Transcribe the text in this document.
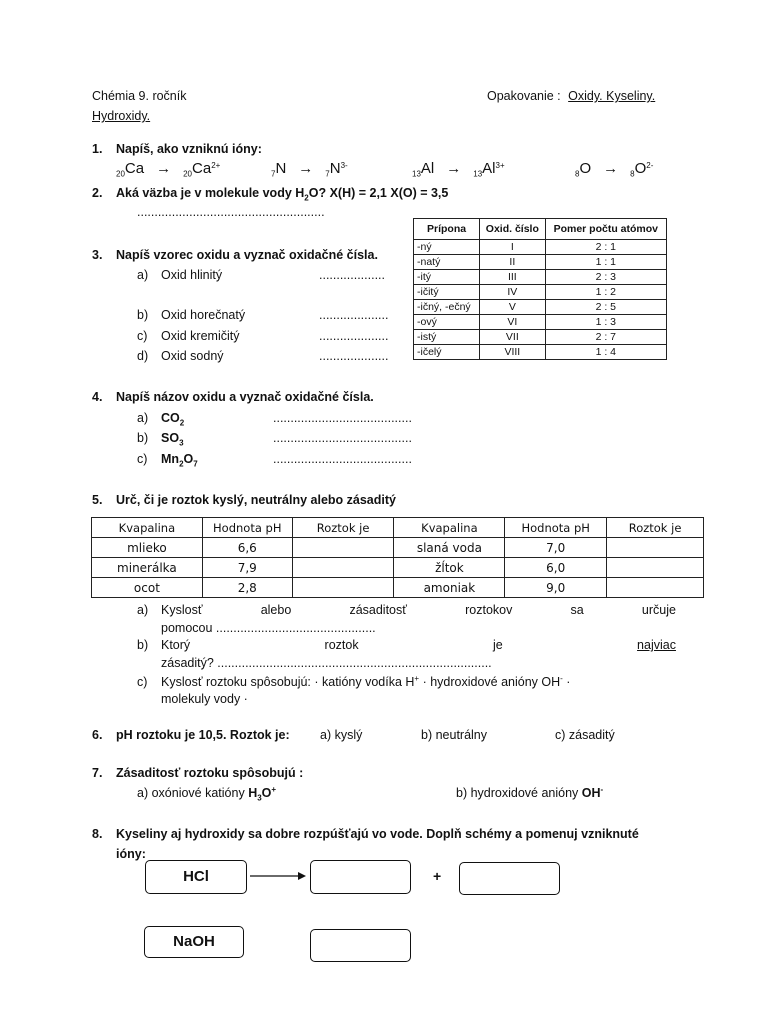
Chémia 9. ročník	Opakovanie : Oxidy. Kyseliny.
Hydroxidy.
1. Napíš, ako vzniknú ióny:
$_{20}Ca \to _{20}Ca^{2+}$
$_7N \to _7N^{3-}$
$_{13}Al \to _{13}Al^{3+}$
$_8O \to _8O^{2-}$
2. Aká väzba je v molekule vody $H_2O$? X(H) = 2,1 X(O) = 3,5
......................................................
3. Napíš vzorec oxidu a vyznač oxidačné čísla.
a) Oxid hlinitý	...................
b) Oxid horečnatý	....................
c) Oxid kremičitý	....................
d) Oxid sodný	....................
Prípona	Oxid. číslo	Pomer počtu atómov
-ný	I	2 : 1
-natý	II	1 : 1
-itý	III	2 : 3
-ičitý	IV	1 : 2
-ičný, -ečný	V	2 : 5
-ový	VI	1 : 3
-istý	VII	2 : 7
-ičelý	VIII	1 : 4
4. Napíš názov oxidu a vyznač oxidačné čísla.
a) $CO_2$	........................................
b) $SO_3$	........................................
c) $Mn_2O_7$	........................................
5. Urč, či je roztok kyslý, neutrálny alebo zásaditý
Kvapalina	Hodnota pH	Roztok je	Kvapalina	Hodnota pH	Roztok je
mlieko	6,6		slaná voda	7,0	
minerálka	7,9		žĺtok	6,0	
ocot	2,8		amoniak	9,0	
a) Kyslosť	alebo	zásaditosť	roztokov	sa	určuje
pomocou ..............................................
b) Ktorý	roztok	je	najviac
zásaditý? ...............................................................................
c) Kyslosť roztoku spôsobujú: · katióny vodíka H+ · hydroxidové anióny OH- ·
molekuly vody ·
6. pH roztoku je 10,5. Roztok je: a) kyslý	b) neutrálny	c) zásaditý
7. Zásaditosť roztoku spôsobujú :
a) oxóniové katióny $H_3O^+$	b) hydroxidové anióny OH-
8. Kyseliny aj hydroxidy sa dobre rozpúšťajú vo vode. Doplň schémy a pomenuj vzniknuté
ióny:
HCl	+
NaOH
